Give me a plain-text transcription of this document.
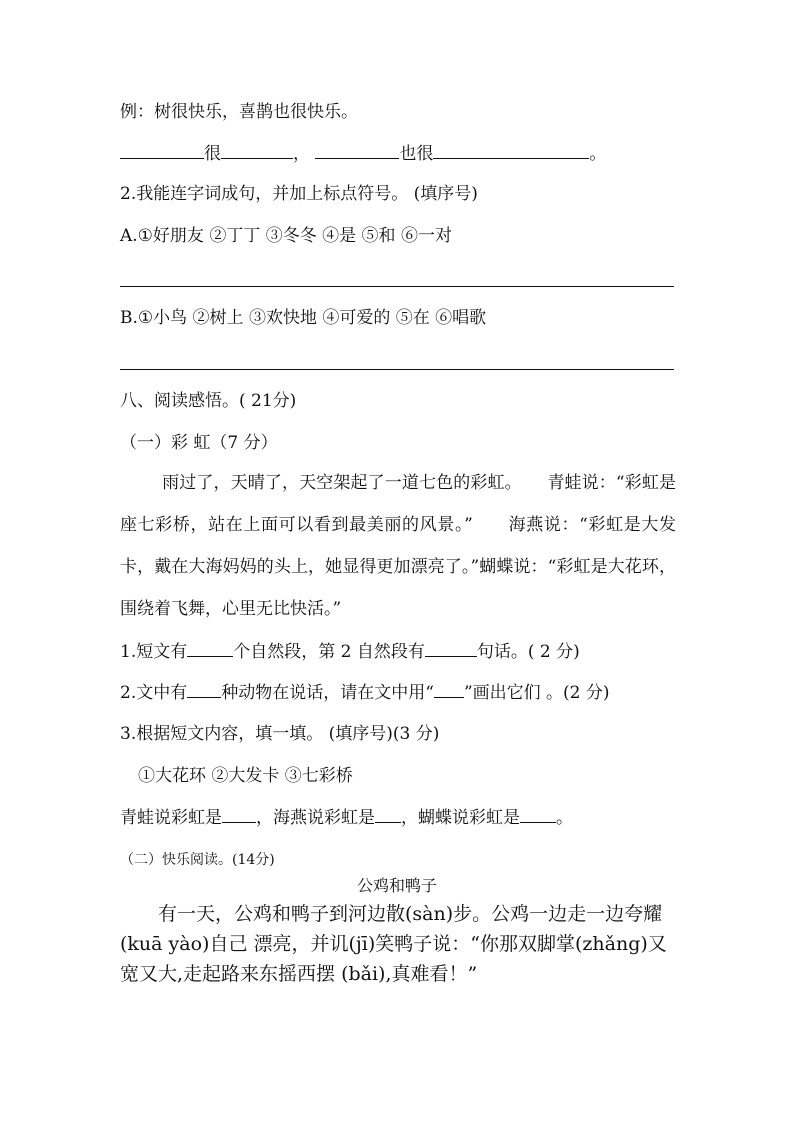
例：树很快乐，喜鹊也很快乐。
很	，	也很	。
2.我能连字词成句，并加上标点符号。 (填序号)
A.①好朋友 ②丁丁 ③冬冬 ④是 ⑤和 ⑥一对
B.①小鸟 ②树上 ③欢快地 ④可爱的 ⑤在 ⑥唱歌
八、阅读感悟。( 21分)
（一）彩 虹（7 分）
雨过了，天晴了，天空架起了一道七色的彩虹。　　青蛙说：“彩虹是座七彩桥，站在上面可以看到最美丽的风景。”　　海燕说：“彩虹是大发卡，戴在大海妈妈的头上，她显得更加漂亮了。”蝴蝶说：“彩虹是大花环，围绕着飞舞，心里无比快活。”
1.短文有	个自然段，第 2 自然段有	句话。( 2 分)
2.文中有 种动物在说话，请在文中用“ ”画出它们 。(2 分)
3.根据短文内容，填一填。 (填序号)(3 分)
①大花环 ②大发卡 ③七彩桥
青蛙说彩虹是 ，海燕说彩虹是 ，蝴蝶说彩虹是 。
（二）快乐阅读。(14分)
公鸡和鸭子
有一天，公鸡和鸭子到河边散(sàn)步。公鸡一边走一边夸耀(kuā yào)自己 漂亮，并讥(jī)笑鸭子说：“你那双脚掌(zhǎng)又宽又大,走起路来东摇西摆 (bǎi),真难看！”
